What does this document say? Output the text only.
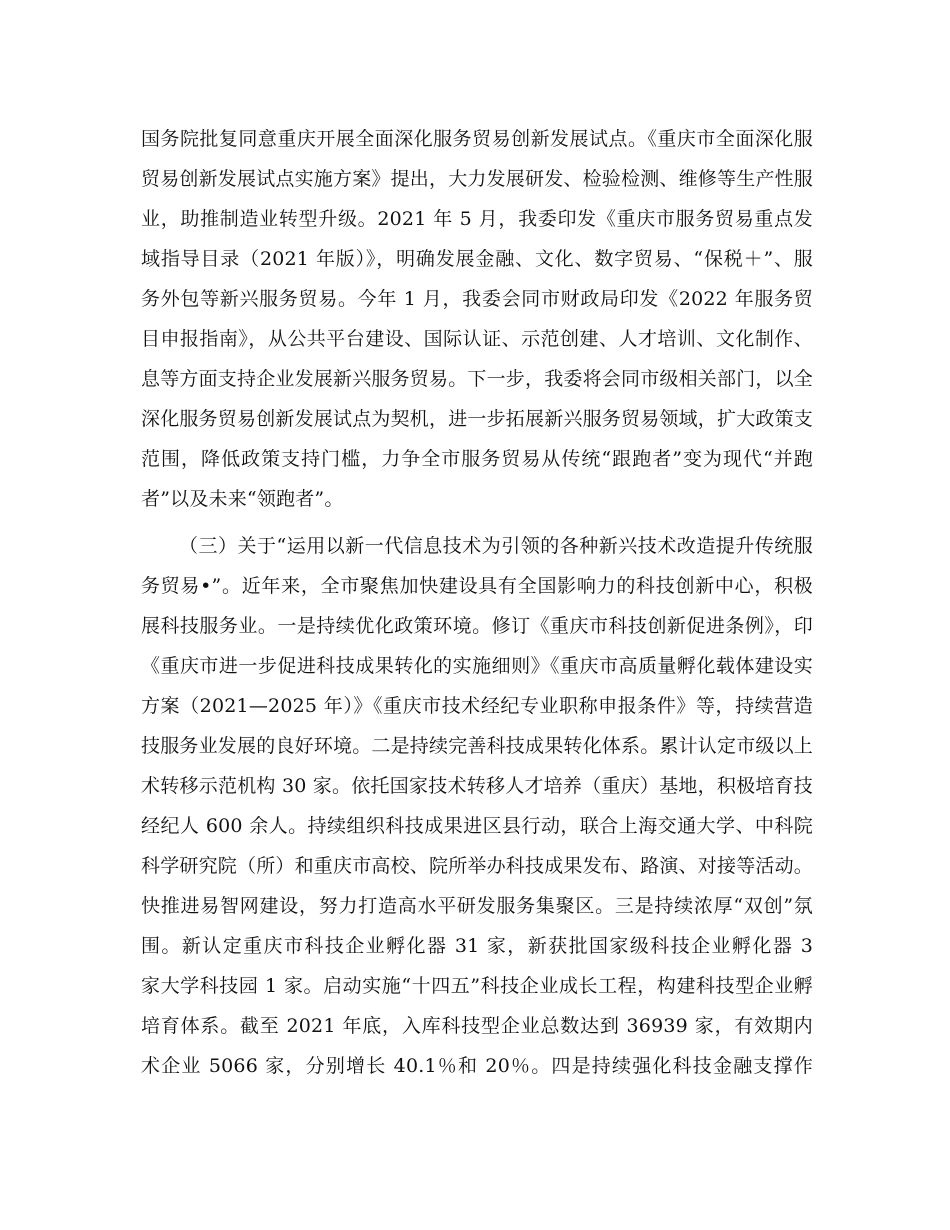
国务院批复同意重庆开展全面深化服务贸易创新发展试点。《重庆市全面深化服
贸易创新发展试点实施方案》提出，大力发展研发、检验检测、维修等生产性服
业，助推制造业转型升级。2021 年 5 月，我委印发《重庆市服务贸易重点发
域指导目录（2021 年版）》，明确发展金融、文化、数字贸易、“保税＋”、服
务外包等新兴服务贸易。今年 1 月，我委会同市财政局印发《2022 年服务贸
目申报指南》，从公共平台建设、国际认证、示范创建、人才培训、文化制作、
息等方面支持企业发展新兴服务贸易。下一步，我委将会同市级相关部门，以全
深化服务贸易创新发展试点为契机，进一步拓展新兴服务贸易领域，扩大政策支
范围，降低政策支持门槛，力争全市服务贸易从传统“跟跑者”变为现代“并跑
者”以及未来“领跑者”。
（三）关于“运用以新一代信息技术为引领的各种新兴技术改造提升传统服
务贸易•”。近年来，全市聚焦加快建设具有全国影响力的科技创新中心，积极
展科技服务业。一是持续优化政策环境。修订《重庆市科技创新促进条例》，印
《重庆市进一步促进科技成果转化的实施细则》《重庆市高质量孵化载体建设实
方案（2021—2025 年）》《重庆市技术经纪专业职称申报条件》等，持续营造
技服务业发展的良好环境。二是持续完善科技成果转化体系。累计认定市级以上
术转移示范机构 30 家。依托国家技术转移人才培养（重庆）基地，积极培育技
经纪人 600 余人。持续组织科技成果进区县行动，联合上海交通大学、中科院
科学研究院（所）和重庆市高校、院所举办科技成果发布、路演、对接等活动。
快推进易智网建设，努力打造高水平研发服务集聚区。三是持续浓厚“双创”氛
围。新认定重庆市科技企业孵化器 31 家，新获批国家级科技企业孵化器 3
家大学科技园 1 家。启动实施“十四五”科技企业成长工程，构建科技型企业孵
培育体系。截至 2021 年底，入库科技型企业总数达到 36939 家，有效期内
术企业 5066 家，分别增长 40.1％和 20％。四是持续强化科技金融支撑作
